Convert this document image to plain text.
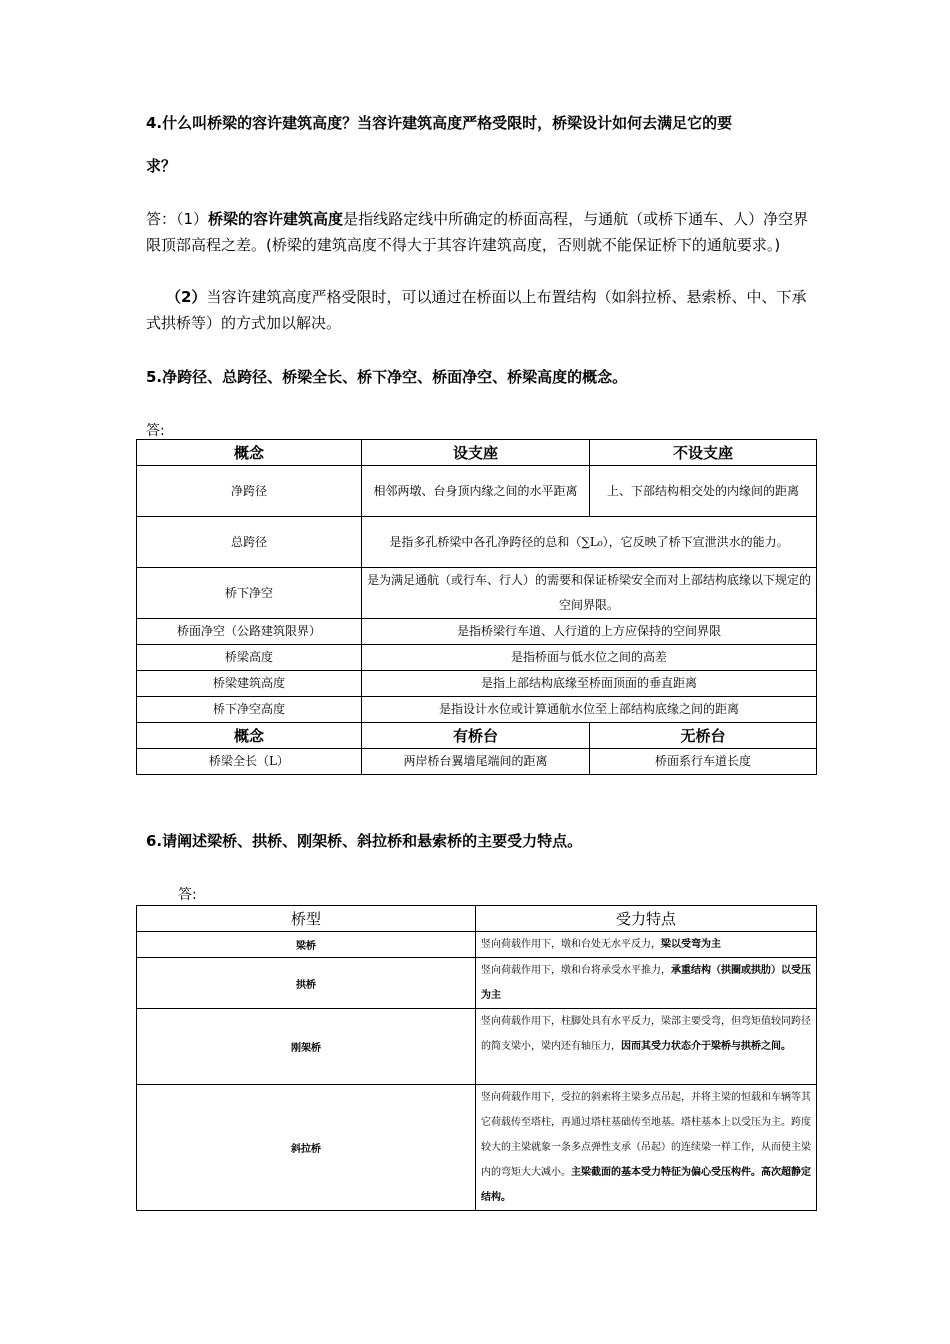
4.什么叫桥梁的容许建筑高度？当容许建筑高度严格受限时，桥梁设计如何去满足它的要
求？

答：（1）桥梁的容许建筑高度是指线路定线中所确定的桥面高程，与通航（或桥下通车、人）净空界限顶部高程之差。(桥梁的建筑高度不得大于其容许建筑高度，否则就不能保证桥下的通航要求。)

（2）当容许建筑高度严格受限时，可以通过在桥面以上布置结构（如斜拉桥、悬索桥、中、下承式拱桥等）的方式加以解决。

5.净跨径、总跨径、桥梁全长、桥下净空、桥面净空、桥梁高度的概念。
答:
概念	设支座	不设支座
净跨径	相邻两墩、台身顶内缘之间的水平距离	上、下部结构相交处的内缘间的距离
总跨径	是指多孔桥梁中各孔净跨径的总和（∑L₀），它反映了桥下宣泄洪水的能力。	
桥下净空	是为满足通航（或行车、行人）的需要和保证桥梁安全而对上部结构底缘以下规定的空间界限。	
桥面净空（公路建筑限界）	是指桥梁行车道、人行道的上方应保持的空间界限	
桥梁高度	是指桥面与低水位之间的高差	
桥梁建筑高度	是指上部结构底缘至桥面顶面的垂直距离	
桥下净空高度	是指设计水位或计算通航水位至上部结构底缘之间的距离	
概念	有桥台	无桥台
桥梁全长（L）	两岸桥台翼墙尾端间的距离	桥面系行车道长度
6.请阐述梁桥、拱桥、刚架桥、斜拉桥和悬索桥的主要受力特点。
答:
桥型	受力特点
梁桥	竖向荷载作用下，墩和台处无水平反力，梁以受弯为主
拱桥	竖向荷载作用下，墩和台将承受水平推力，承重结构（拱圈或拱肋）以受压为主
刚架桥	竖向荷载作用下，柱脚处具有水平反力，梁部主要受弯，但弯矩值较同跨径的简支梁小，梁内还有轴压力，因而其受力状态介于梁桥与拱桥之间。
斜拉桥	竖向荷载作用下，受拉的斜索将主梁多点吊起，并将主梁的恒载和车辆等其它荷载传至塔柱，再通过塔柱基础传至地基。塔柱基本上以受压为主。跨度较大的主梁就象一条多点弹性支承（吊起）的连续梁一样工作，从而使主梁内的弯矩大大减小。主梁截面的基本受力特征为偏心受压构件。高次超静定结构。
